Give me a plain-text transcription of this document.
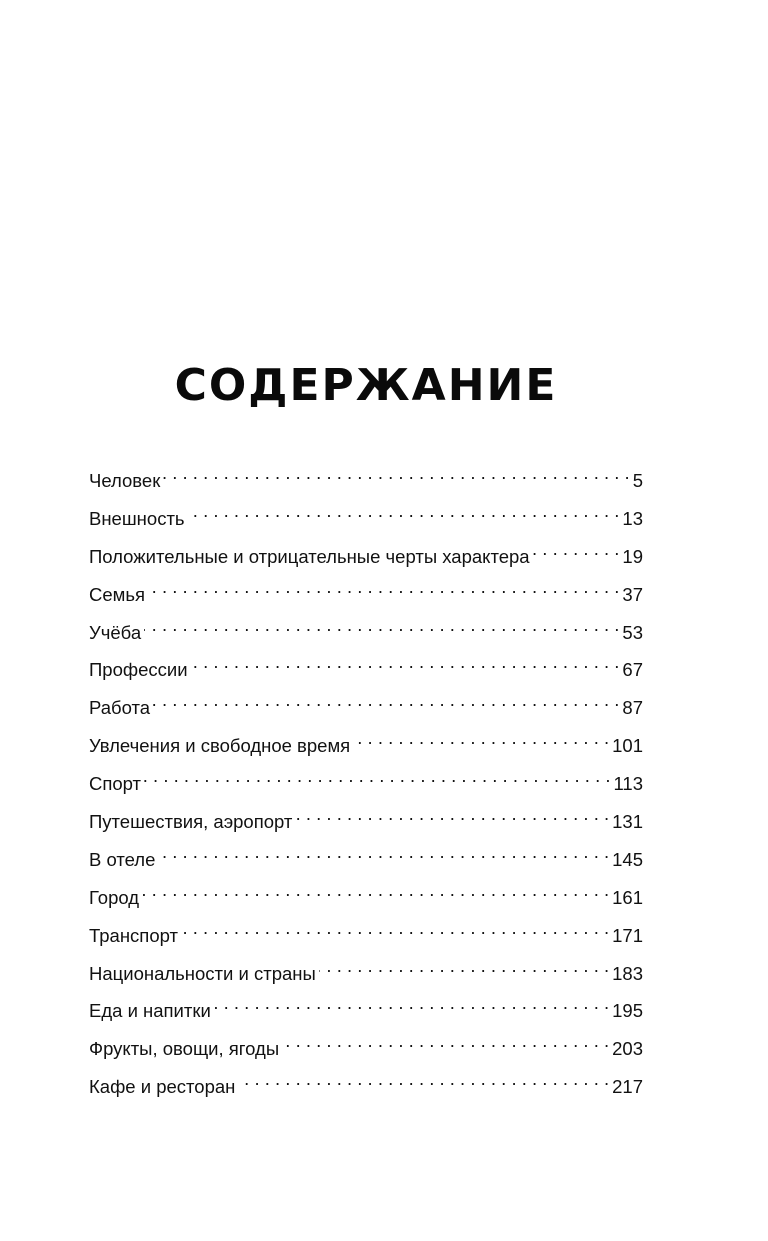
СОДЕРЖАНИЕ
Человек . . .	5
Внешность . . .	13
Положительные и отрицательные черты характера . . .	19
Семья . . .	37
Учёба . . .	53
Профессии . . .	67
Работа . . .	87
Увлечения и свободное время . . .	101
Спорт . . .	113
Путешествия, аэропорт . . .	131
В отеле . . .	145
Город . . .	161
Транспорт . . .	171
Национальности и страны . . .	183
Еда и напитки . . .	195
Фрукты, овощи, ягоды . . .	203
Кафе и ресторан . . .	217
